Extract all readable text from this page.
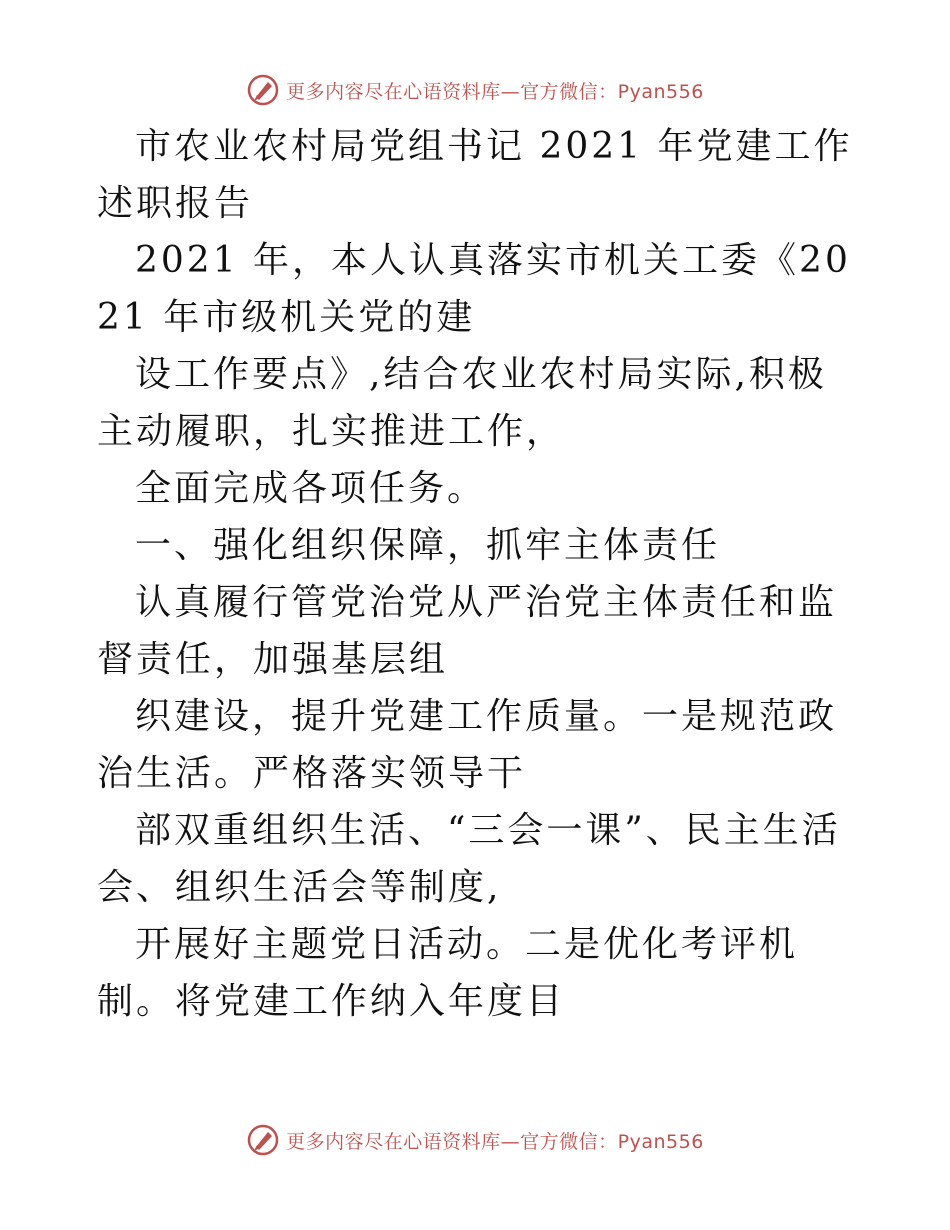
更多内容尽在心语资料库—官方微信：Pyan556

市农业农村局党组书记 2021 年党建工作述职报告

2021 年，本人认真落实市机关工委《2021 年市级机关党的建

设工作要点》,结合农业农村局实际,积极主动履职，扎实推进工作，

全面完成各项任务。

一、强化组织保障，抓牢主体责任

认真履行管党治党从严治党主体责任和监督责任，加强基层组

织建设，提升党建工作质量。一是规范政治生活。严格落实领导干

部双重组织生活、“三会一课”、民主生活会、组织生活会等制度,

开展好主题党日活动。二是优化考评机制。将党建工作纳入年度目

更多内容尽在心语资料库—官方微信：Pyan556
